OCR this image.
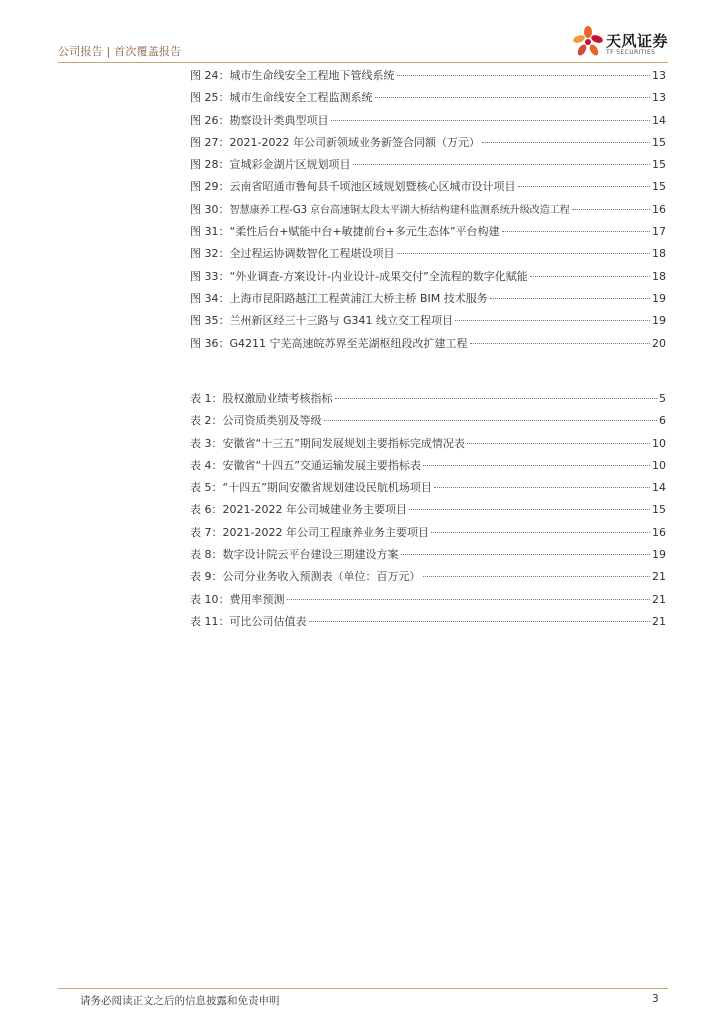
公司报告 | 首次覆盖报告
天风证券
TF SECURITIES
图 24： 城市生命线安全工程地下管线系统	13
图 25： 城市生命线安全工程监测系统	13
图 26： 勘察设计类典型项目	14
图 27： 2021-2022 年公司新领域业务新签合同额（万元）	15
图 28： 宣城彩金湖片区规划项目	15
图 29： 云南省昭通市鲁甸县千顷池区域规划暨核心区城市设计项目	15
图 30： 智慧康养工程-G3 京台高速铜太段太平湖大桥结构建科监测系统升级改造工程	16
图 31： “柔性后台+赋能中台+敏捷前台+多元生态体”平台构建	17
图 32： 全过程运协调数智化工程堪设项目	18
图 33： “外业调查-方案设计-内业设计-成果交付”全流程的数字化赋能	18
图 34： 上海市昆阳路越江工程黄浦江大桥主桥 BIM 技术服务	19
图 35： 兰州新区经三十三路与 G341 线立交工程项目	19
图 36： G4211 宁芜高速皖苏界至芜湖枢纽段改扩建工程	20
表 1： 股权激励业绩考核指标	5
表 2： 公司资质类别及等级	6
表 3： 安徽省“十三五”期间发展规划主要指标完成情况表	10
表 4： 安徽省“十四五”交通运输发展主要指标表	10
表 5： “十四五”期间安徽省规划建设民航机场项目	14
表 6： 2021-2022 年公司城建业务主要项目	15
表 7： 2021-2022 年公司工程康养业务主要项目	16
表 8： 数字设计院云平台建设三期建设方案	19
表 9： 公司分业务收入预测表（单位：百万元）	21
表 10： 费用率预测	21
表 11： 可比公司估值表	21
请务必阅读正文之后的信息披露和免责申明	3
